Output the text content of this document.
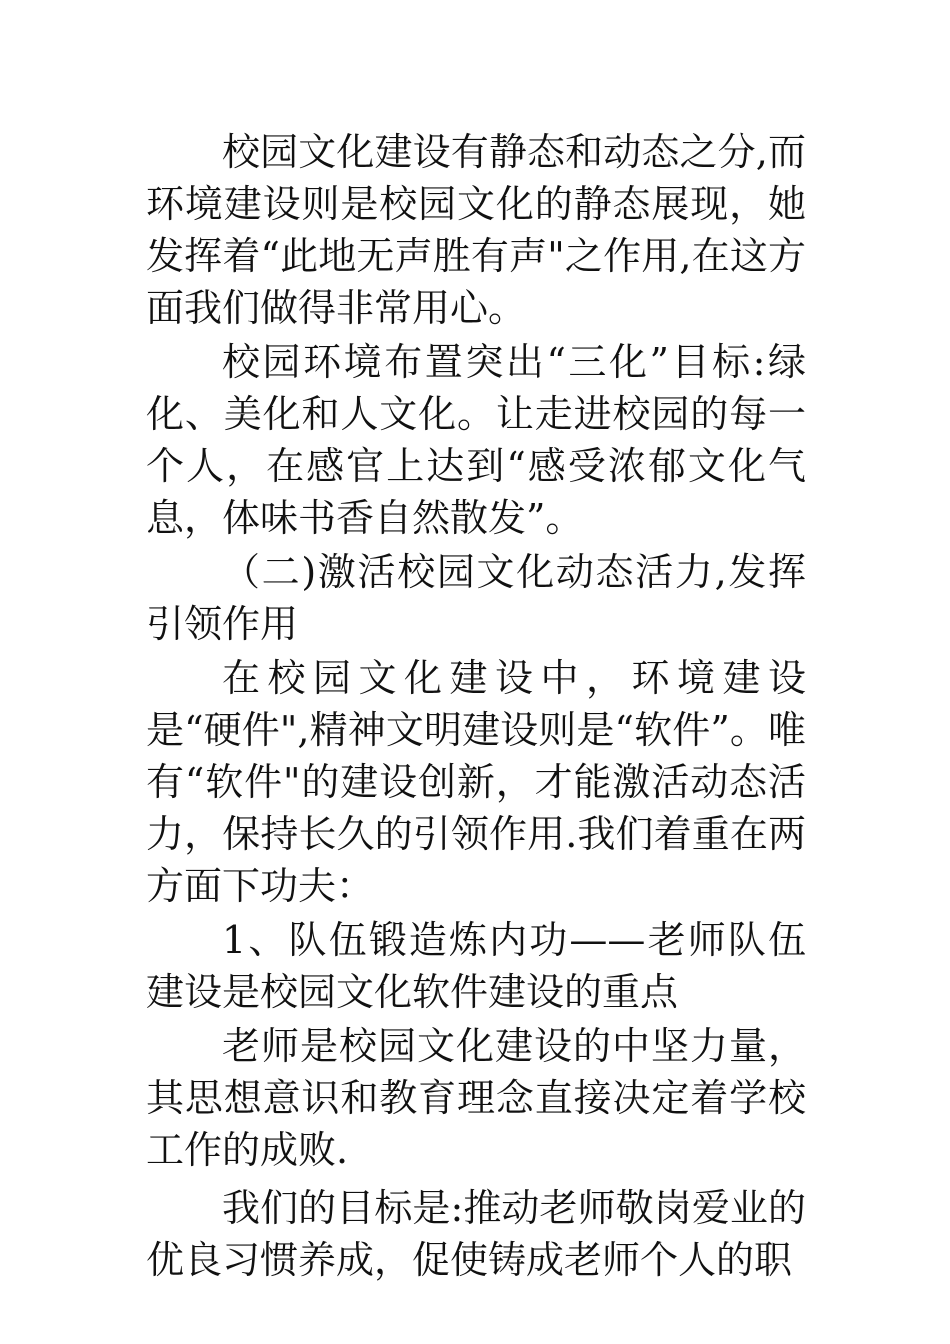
校园文化建设有静态和动态之分,而环境建设则是校园文化的静态展现，她发挥着“此地无声胜有声"之作用,在这方面我们做得非常用心。

校园环境布置突出“三化”目标:绿化、美化和人文化。让走进校园的每一个人，在感官上达到“感受浓郁文化气息，体味书香自然散发”。

（二)激活校园文化动态活力,发挥引领作用

在校园文化建设中，环境建设是“硬件",精神文明建设则是“软件”。唯有“软件"的建设创新，才能激活动态活力，保持长久的引领作用.我们着重在两方面下功夫：

1、队伍锻造炼内功——老师队伍建设是校园文化软件建设的重点

老师是校园文化建设的中坚力量，其思想意识和教育理念直接决定着学校工作的成败.

我们的目标是:推动老师敬岗爱业的优良习惯养成，促使铸成老师个人的职
